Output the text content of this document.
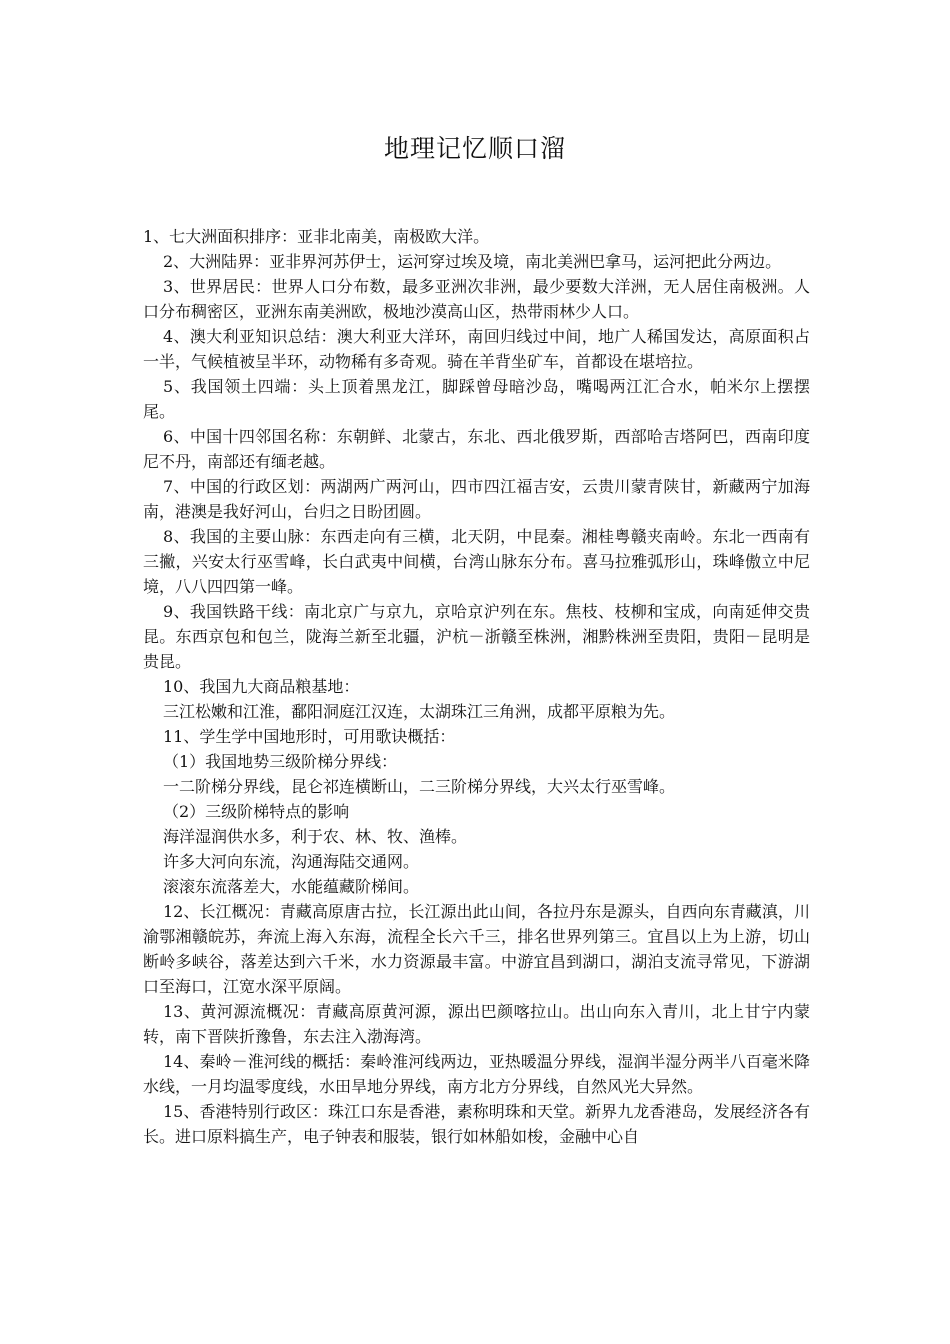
地理记忆顺口溜

1、七大洲面积排序：亚非北南美，南极欧大洋。

2、大洲陆界：亚非界河苏伊士，运河穿过埃及境，南北美洲巴拿马，运河把此分两边。

3、世界居民：世界人口分布数，最多亚洲次非洲，最少要数大洋洲，无人居住南极洲。人口分布稠密区，亚洲东南美洲欧，极地沙漠高山区，热带雨林少人口。

4、澳大利亚知识总结：澳大利亚大洋环，南回归线过中间，地广人稀国发达，高原面积占一半，气候植被呈半环，动物稀有多奇观。骑在羊背坐矿车，首都设在堪培拉。

5、我国领土四端：头上顶着黑龙江，脚踩曾母暗沙岛，嘴喝两江汇合水，帕米尔上摆摆尾。

6、中国十四邻国名称：东朝鲜、北蒙古，东北、西北俄罗斯，西部哈吉塔阿巴，西南印度尼不丹，南部还有缅老越。

7、中国的行政区划：两湖两广两河山，四市四江福吉安，云贵川蒙青陕甘，新藏两宁加海南，港澳是我好河山，台归之日盼团圆。

8、我国的主要山脉：东西走向有三横，北天阴，中昆秦。湘桂粤赣夹南岭。东北一西南有三撇，兴安太行巫雪峰，长白武夷中间横，台湾山脉东分布。喜马拉雅弧形山，珠峰傲立中尼境，八八四四第一峰。

9、我国铁路干线：南北京广与京九，京哈京沪列在东。焦枝、枝柳和宝成，向南延伸交贵昆。东西京包和包兰，陇海兰新至北疆，沪杭－浙赣至株洲，湘黔株洲至贵阳，贵阳－昆明是贵昆。

10、我国九大商品粮基地：

三江松嫩和江淮，鄱阳洞庭江汉连，太湖珠江三角洲，成都平原粮为先。

11、学生学中国地形时，可用歌诀概括：

（1）我国地势三级阶梯分界线：

一二阶梯分界线，昆仑祁连横断山，二三阶梯分界线，大兴太行巫雪峰。

（2）三级阶梯特点的影响

海洋湿润供水多，利于农、林、牧、渔棒。

许多大河向东流，沟通海陆交通网。

滚滚东流落差大，水能蕴藏阶梯间。

12、长江概况：青藏高原唐古拉，长江源出此山间，各拉丹东是源头，自西向东青藏滇，川渝鄂湘赣皖苏，奔流上海入东海，流程全长六千三，排名世界列第三。宜昌以上为上游，切山断岭多峡谷，落差达到六千米，水力资源最丰富。中游宜昌到湖口，湖泊支流寻常见，下游湖口至海口，江宽水深平原阔。

13、黄河源流概况：青藏高原黄河源，源出巴颜喀拉山。出山向东入青川，北上甘宁内蒙转，南下晋陕折豫鲁，东去注入渤海湾。

14、秦岭－淮河线的概括：秦岭淮河线两边，亚热暖温分界线，湿润半湿分两半八百毫米降水线，一月均温零度线，水田旱地分界线，南方北方分界线，自然风光大异然。

15、香港特别行政区：珠江口东是香港，素称明珠和天堂。新界九龙香港岛，发展经济各有长。进口原料搞生产，电子钟表和服装，银行如林船如梭，金融中心自
